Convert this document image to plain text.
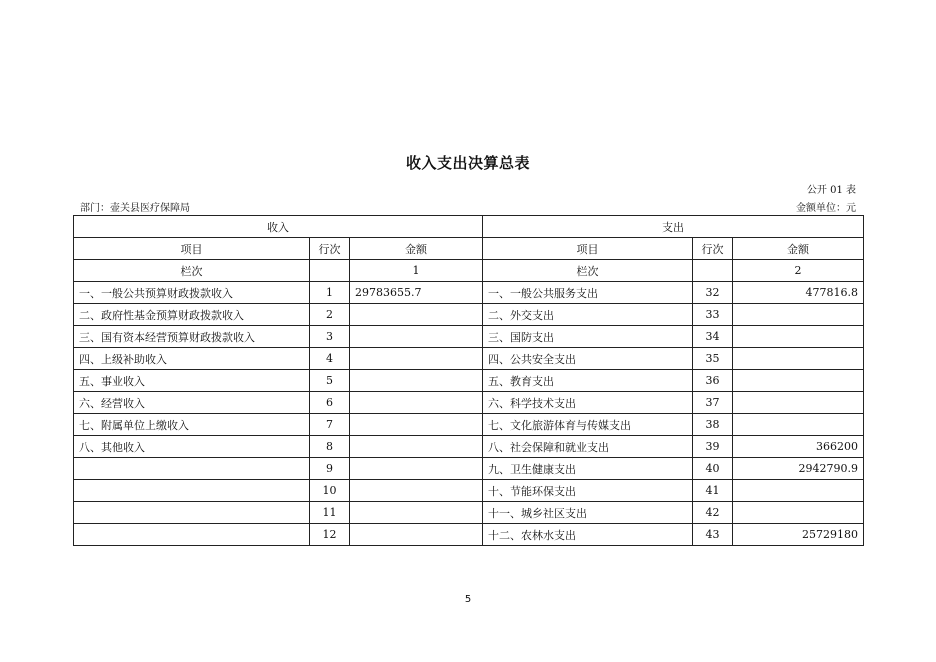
收入支出决算总表
公开 01 表
部门：壶关县医疗保障局	金额单位：元
收入			支出		
项目	行次	金额	项目	行次	金额
栏次		1	栏次		2
一、一般公共预算财政拨款收入	1	29783655.7	一、一般公共服务支出	32	477816.8
二、政府性基金预算财政拨款收入	2		二、外交支出	33	
三、国有资本经营预算财政拨款收入	3		三、国防支出	34	
四、上级补助收入	4		四、公共安全支出	35	
五、事业收入	5		五、教育支出	36	
六、经营收入	6		六、科学技术支出	37	
七、附属单位上缴收入	7		七、文化旅游体育与传媒支出	38	
八、其他收入	8		八、社会保障和就业支出	39	366200
	9		九、卫生健康支出	40	2942790.9
	10		十、节能环保支出	41	
	11		十一、城乡社区支出	42	
	12		十二、农林水支出	43	25729180
5
